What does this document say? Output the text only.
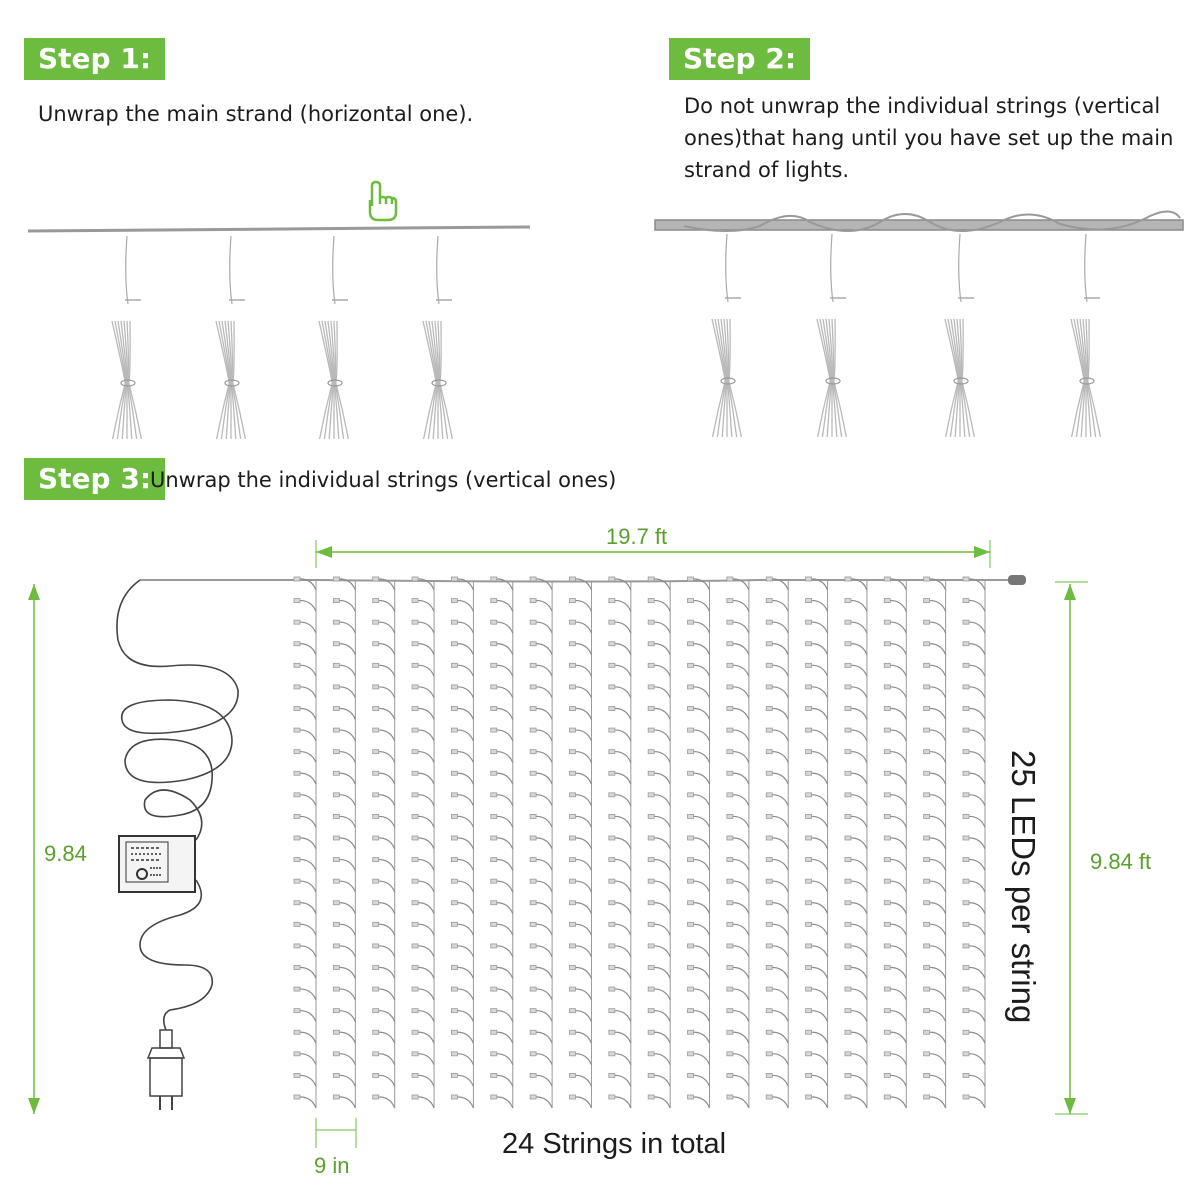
Step 1:
Unwrap the main strand (horizontal one).
Step 2:
Do not unwrap the individual strings (vertical
ones)that hang until you have set up the main
strand of lights.
Step 3:
Unwrap the individual strings (vertical ones)
19.7 ft
9.84	9.84 ft
9 in
25 LEDs per string
24 Strings in total
